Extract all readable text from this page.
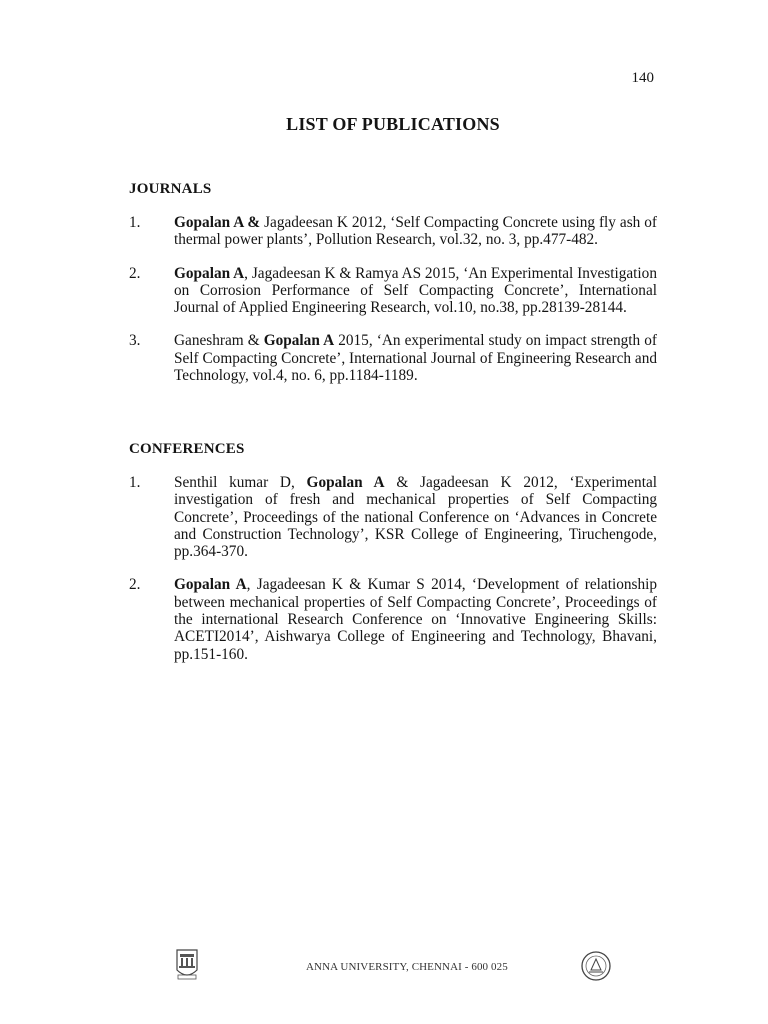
140
LIST OF PUBLICATIONS
JOURNALS
1.	Gopalan A & Jagadeesan K 2012, ‘Self Compacting Concrete using fly ash of thermal power plants’, Pollution Research, vol.32, no. 3, pp.477-482.
2.	Gopalan A, Jagadeesan K & Ramya AS 2015, ‘An Experimental Investigation on Corrosion Performance of Self Compacting Concrete’, International Journal of Applied Engineering Research, vol.10, no.38, pp.28139-28144.
3.	Ganeshram & Gopalan A 2015, ‘An experimental study on impact strength of Self Compacting Concrete’, International Journal of Engineering Research and Technology, vol.4, no. 6, pp.1184-1189.
CONFERENCES
1.	Senthil kumar D, Gopalan A & Jagadeesan K 2012, ‘Experimental investigation of fresh and mechanical properties of Self Compacting Concrete’, Proceedings of the national Conference on ‘Advances in Concrete and Construction Technology’, KSR College of Engineering, Tiruchengode, pp.364-370.
2.	Gopalan A, Jagadeesan K & Kumar S 2014, ‘Development of relationship between mechanical properties of Self Compacting Concrete’, Proceedings of the international Research Conference on ‘Innovative Engineering Skills: ACETI2014’, Aishwarya College of Engineering and Technology, Bhavani, pp.151-160.
ANNA UNIVERSITY, CHENNAI - 600 025
